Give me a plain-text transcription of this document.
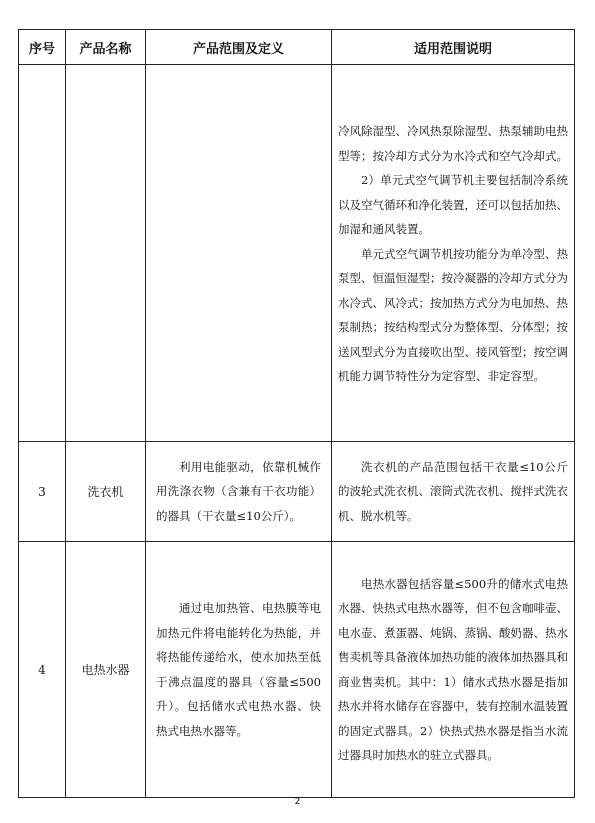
序号	产品名称	产品范围及定义	适用范围说明

			冷风除湿型、冷风热泵除湿型、热泵辅助电热型等；按冷却方式分为水冷式和空气冷却式。

2）单元式空气调节机主要包括制冷系统以及空气循环和净化装置，还可以包括加热、加湿和通风装置。

单元式空气调节机按功能分为单冷型、热泵型、恒温恒湿型；按冷凝器的冷却方式分为水冷式、风冷式；按加热方式分为电加热、热泵制热；按结构型式分为整体型、分体型；按送风型式分为直接吹出型、接风管型；按空调机能力调节特性分为定容型、非定容型。

3	洗衣机	利用电能驱动，依靠机械作用洗涤衣物（含兼有干衣功能）的器具（干衣量≤10公斤）。	洗衣机的产品范围包括干衣量≤10公斤的波轮式洗衣机、滚筒式洗衣机、搅拌式洗衣机、脱水机等。

4	电热水器	通过电加热管、电热膜等电加热元件将电能转化为热能，并将热能传递给水，使水加热至低于沸点温度的器具（容量≤500升）。包括储水式电热水器、快热式电热水器等。	电热水器包括容量≤500升的储水式电热水器、快热式电热水器等，但不包含咖啡壶、电水壶、煮蛋器、炖锅、蒸锅、酸奶器、热水售卖机等具备液体加热功能的液体加热器具和商业售卖机。其中：1）储水式热水器是指加热水并将水储存在容器中，装有控制水温装置的固定式器具。2）快热式热水器是指当水流过器具时加热水的驻立式器具。

2
